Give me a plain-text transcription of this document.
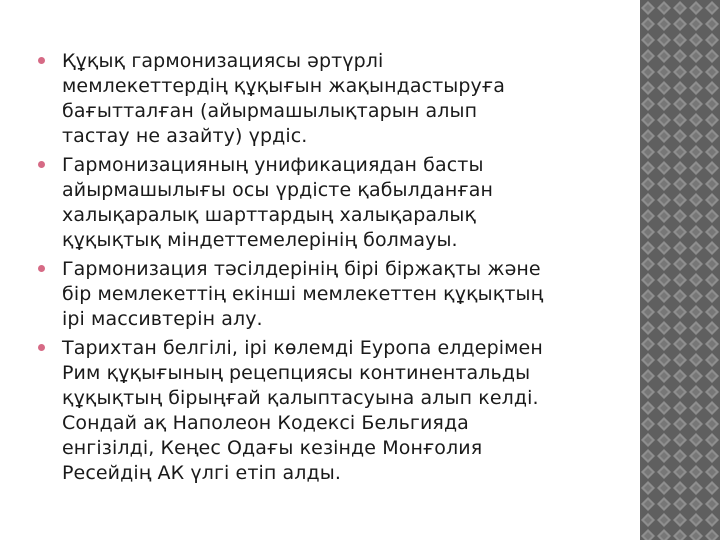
Құқық гармонизациясы әртүрлі
мемлекеттердің құқығын жақындастыруға
бағытталған (айырмашылықтарын алып
тастау не азайту) үрдіс.
Гармонизацияның унификациядан басты
айырмашылығы осы үрдісте қабылданған
халықаралық шарттардың халықаралық
құқықтық міндеттемелерінің болмауы.
Гармонизация тәсілдерінің бірі біржақты және
бір мемлекеттің екінші мемлекеттен құқықтың
ірі массивтерін алу.
Тарихтан белгілі, ірі көлемді Еуропа елдерімен
Рим құқығының рецепциясы континентальды
құқықтың бірыңғай қалыптасуына алып келді.
Сондай ақ Наполеон Кодексі Бельгияда
енгізілді, Кеңес Одағы кезінде Монғолия
Ресейдің АК үлгі етіп алды.
